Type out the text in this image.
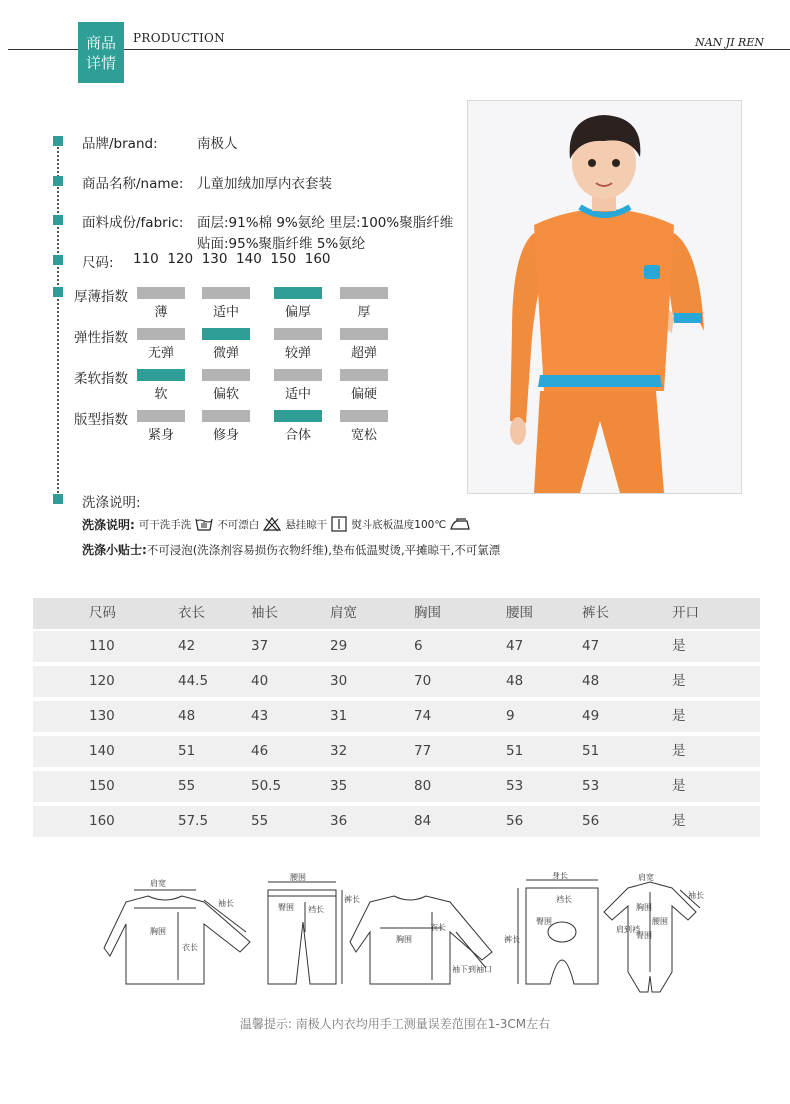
商品
详情
PRODUCTION	NAN JI REN
品牌/brand:	南极人
商品名称/name: 儿童加绒加厚内衣套装
面料成份/fabric: 面层:91%棉 9%氨纶 里层:100%聚脂纤维
贴面:95%聚脂纤维 5%氨纶
尺码: 110  120  130  140  150  160
厚薄指数
薄	适中	偏厚	厚
弹性指数
无弹	微弹	较弹	超弹
柔软指数
软	偏软	适中	偏硬
版型指数
紧身	修身	合体	宽松
洗涤说明:
洗涤说明: 可干洗手洗 不可漂白 悬挂晾干 熨斗底板温度100℃
洗涤小贴士:不可浸泡(洗涤剂容易损伤衣物纤维),垫布低温熨烫,平摊晾干,不可氯漂
尺码	衣长	袖长	肩宽	胸围	腰围	裤长	开口
110	42	37	29	6	47	47	是
120	44.5	40	30	70	48	48	是
130	48	43	31	74	9	49	是
140	51	46	32	77	51	51	是
150	55	50.5	35	80	53	53	是
160	57.5	55	36	84	56	56	是
肩宽
袖长
胸围
衣长
腰围
臀围 裆长
裤长
袖下到袖口
臀围
裤长
身长
胸围
肩宽
袖长
胸围
肩到裆
臀围
腰围
裆长
衣长
温馨提示: 南极人内衣均用手工测量误差范围在1-3CM左右
